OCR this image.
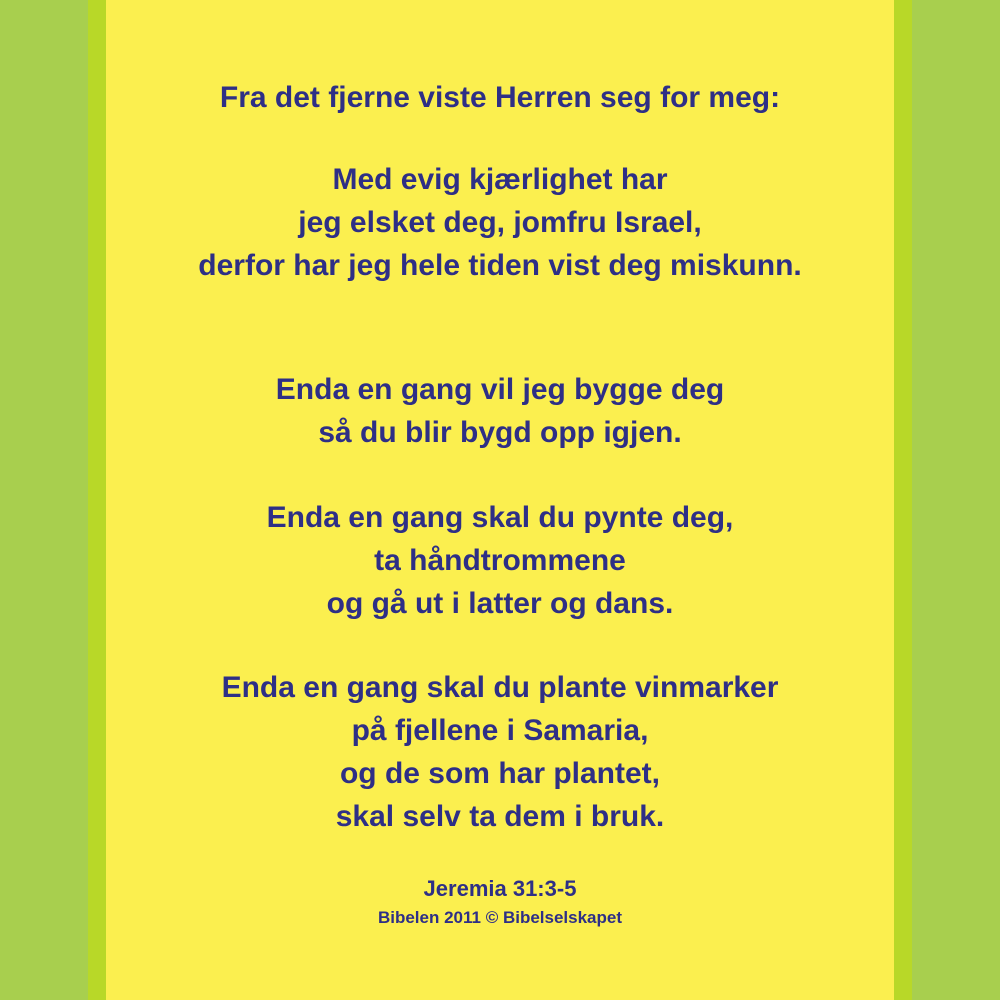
Fra det fjerne viste Herren seg for meg:
Med evig kjærlighet har
jeg elsket deg, jomfru Israel,
derfor har jeg hele tiden vist deg miskunn.
Enda en gang vil jeg bygge deg
så du blir bygd opp igjen.
Enda en gang skal du pynte deg,
ta håndtrommene
og gå ut i latter og dans.
Enda en gang skal du plante vinmarker
på fjellene i Samaria,
og de som har plantet,
skal selv ta dem i bruk.
Jeremia 31:3-5
Bibelen 2011 © Bibelselskapet
